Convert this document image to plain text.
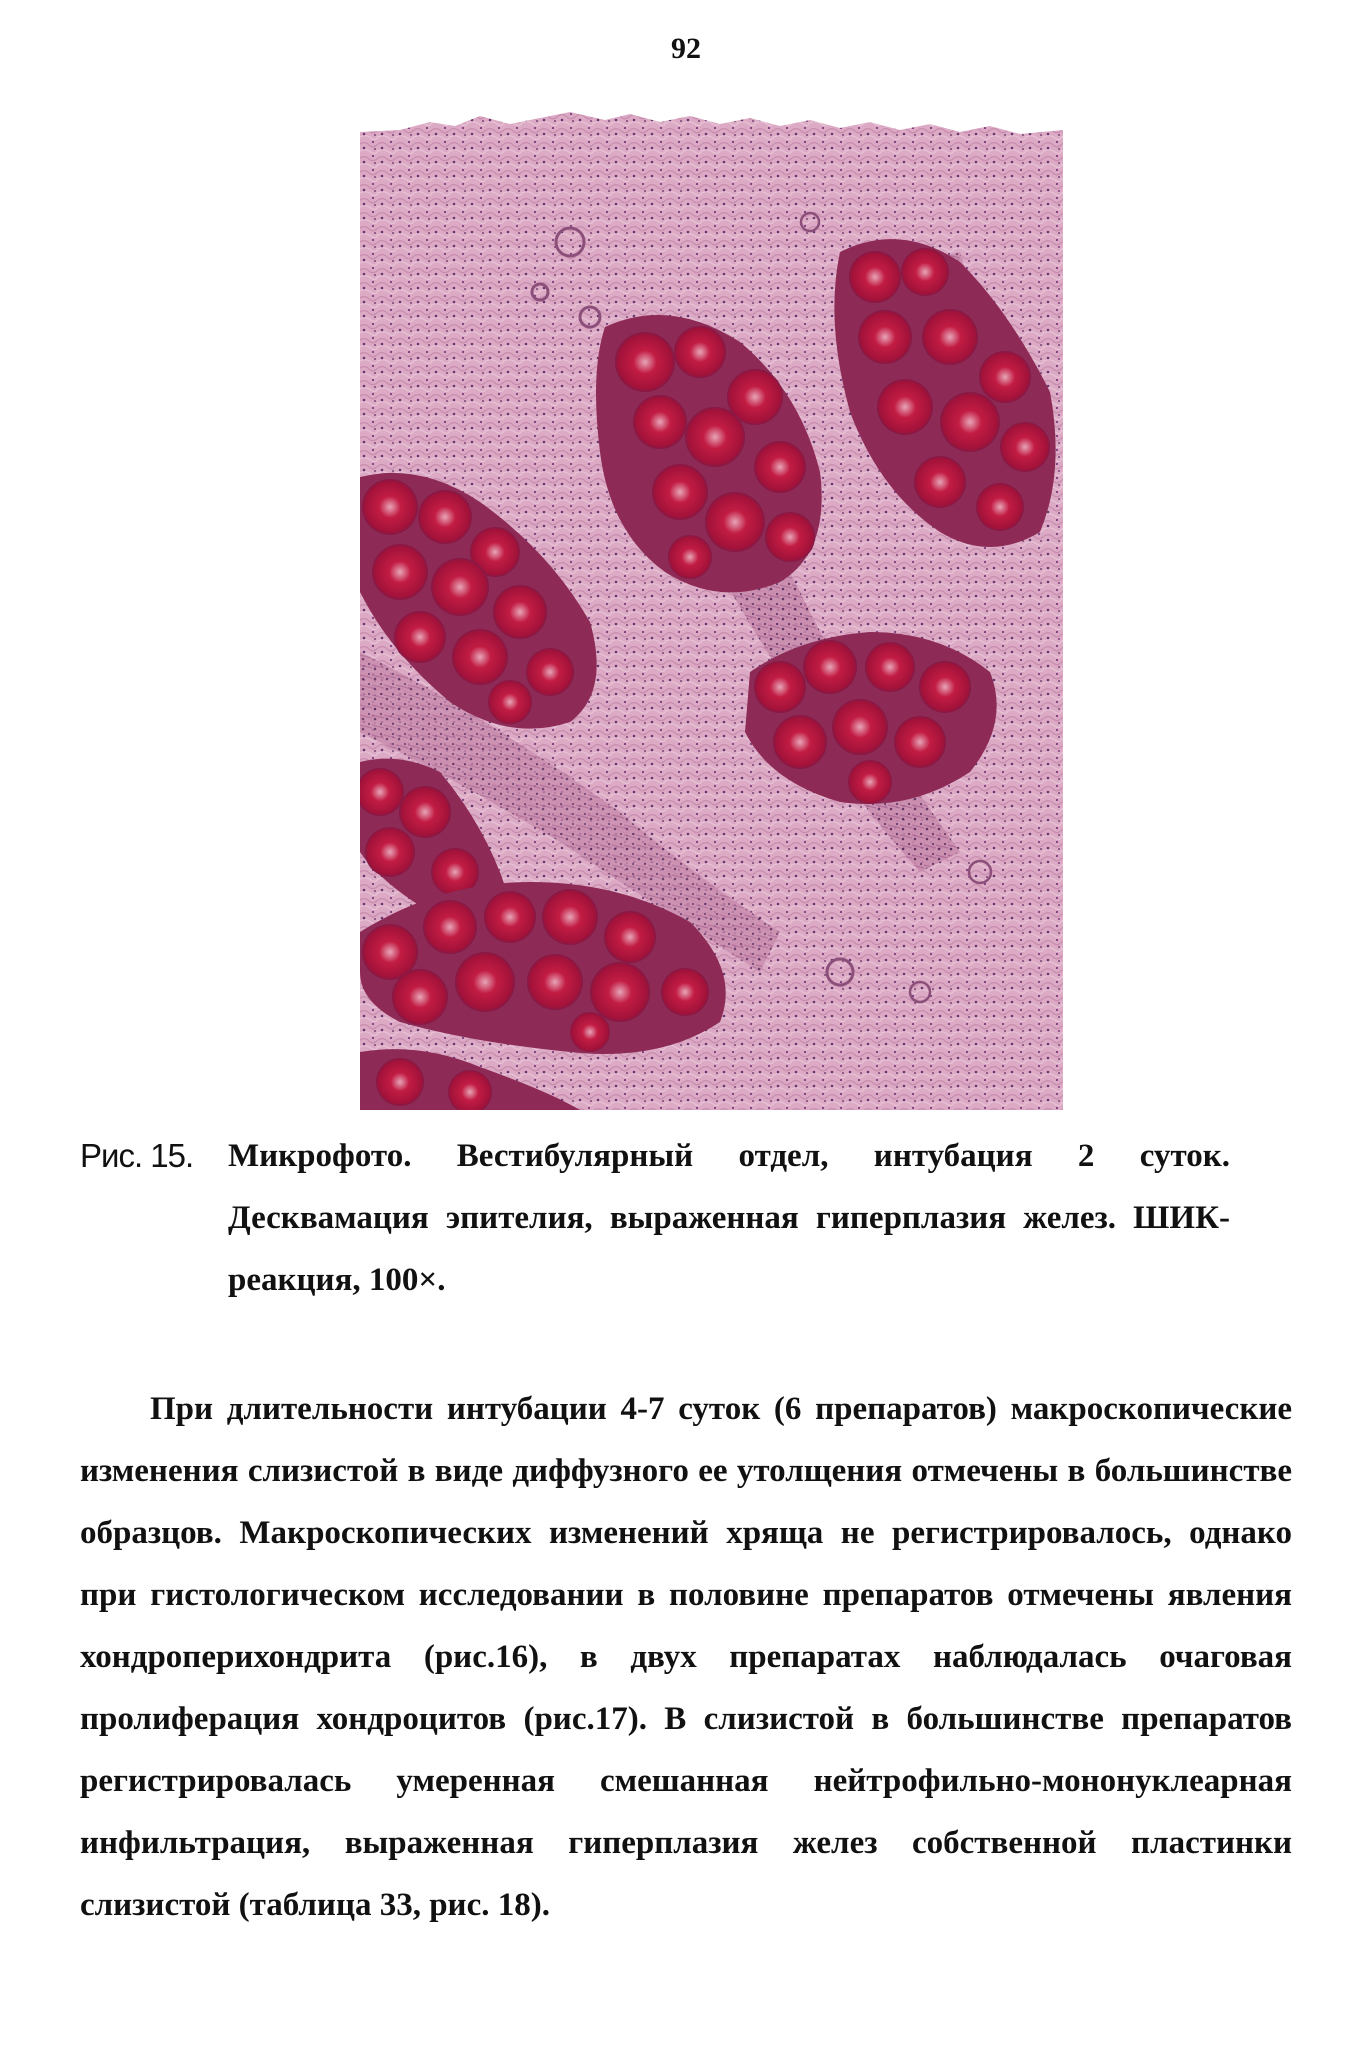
92
Рис. 15.	Микрофото. Вестибулярный отдел, интубация 2 суток. Десквамация эпителия, выраженная гиперплазия желез. ШИК-реакция, 100×.

При длительности интубации 4-7 суток (6 препаратов) макроскопические изменения слизистой в виде диффузного ее утолщения отмечены в большинстве образцов. Макроскопических изменений хряща не регистрировалось, однако при гистологическом исследовании в половине препаратов отмечены явления хондроперихондрита (рис.16), в двух препаратах наблюдалась очаговая пролиферация хондроцитов (рис.17). В слизистой в большинстве препаратов регистрировалась умеренная смешанная нейтрофильно-мононуклеарная инфильтрация, выраженная гиперплазия желез собственной пластинки слизистой (таблица 33, рис. 18).
